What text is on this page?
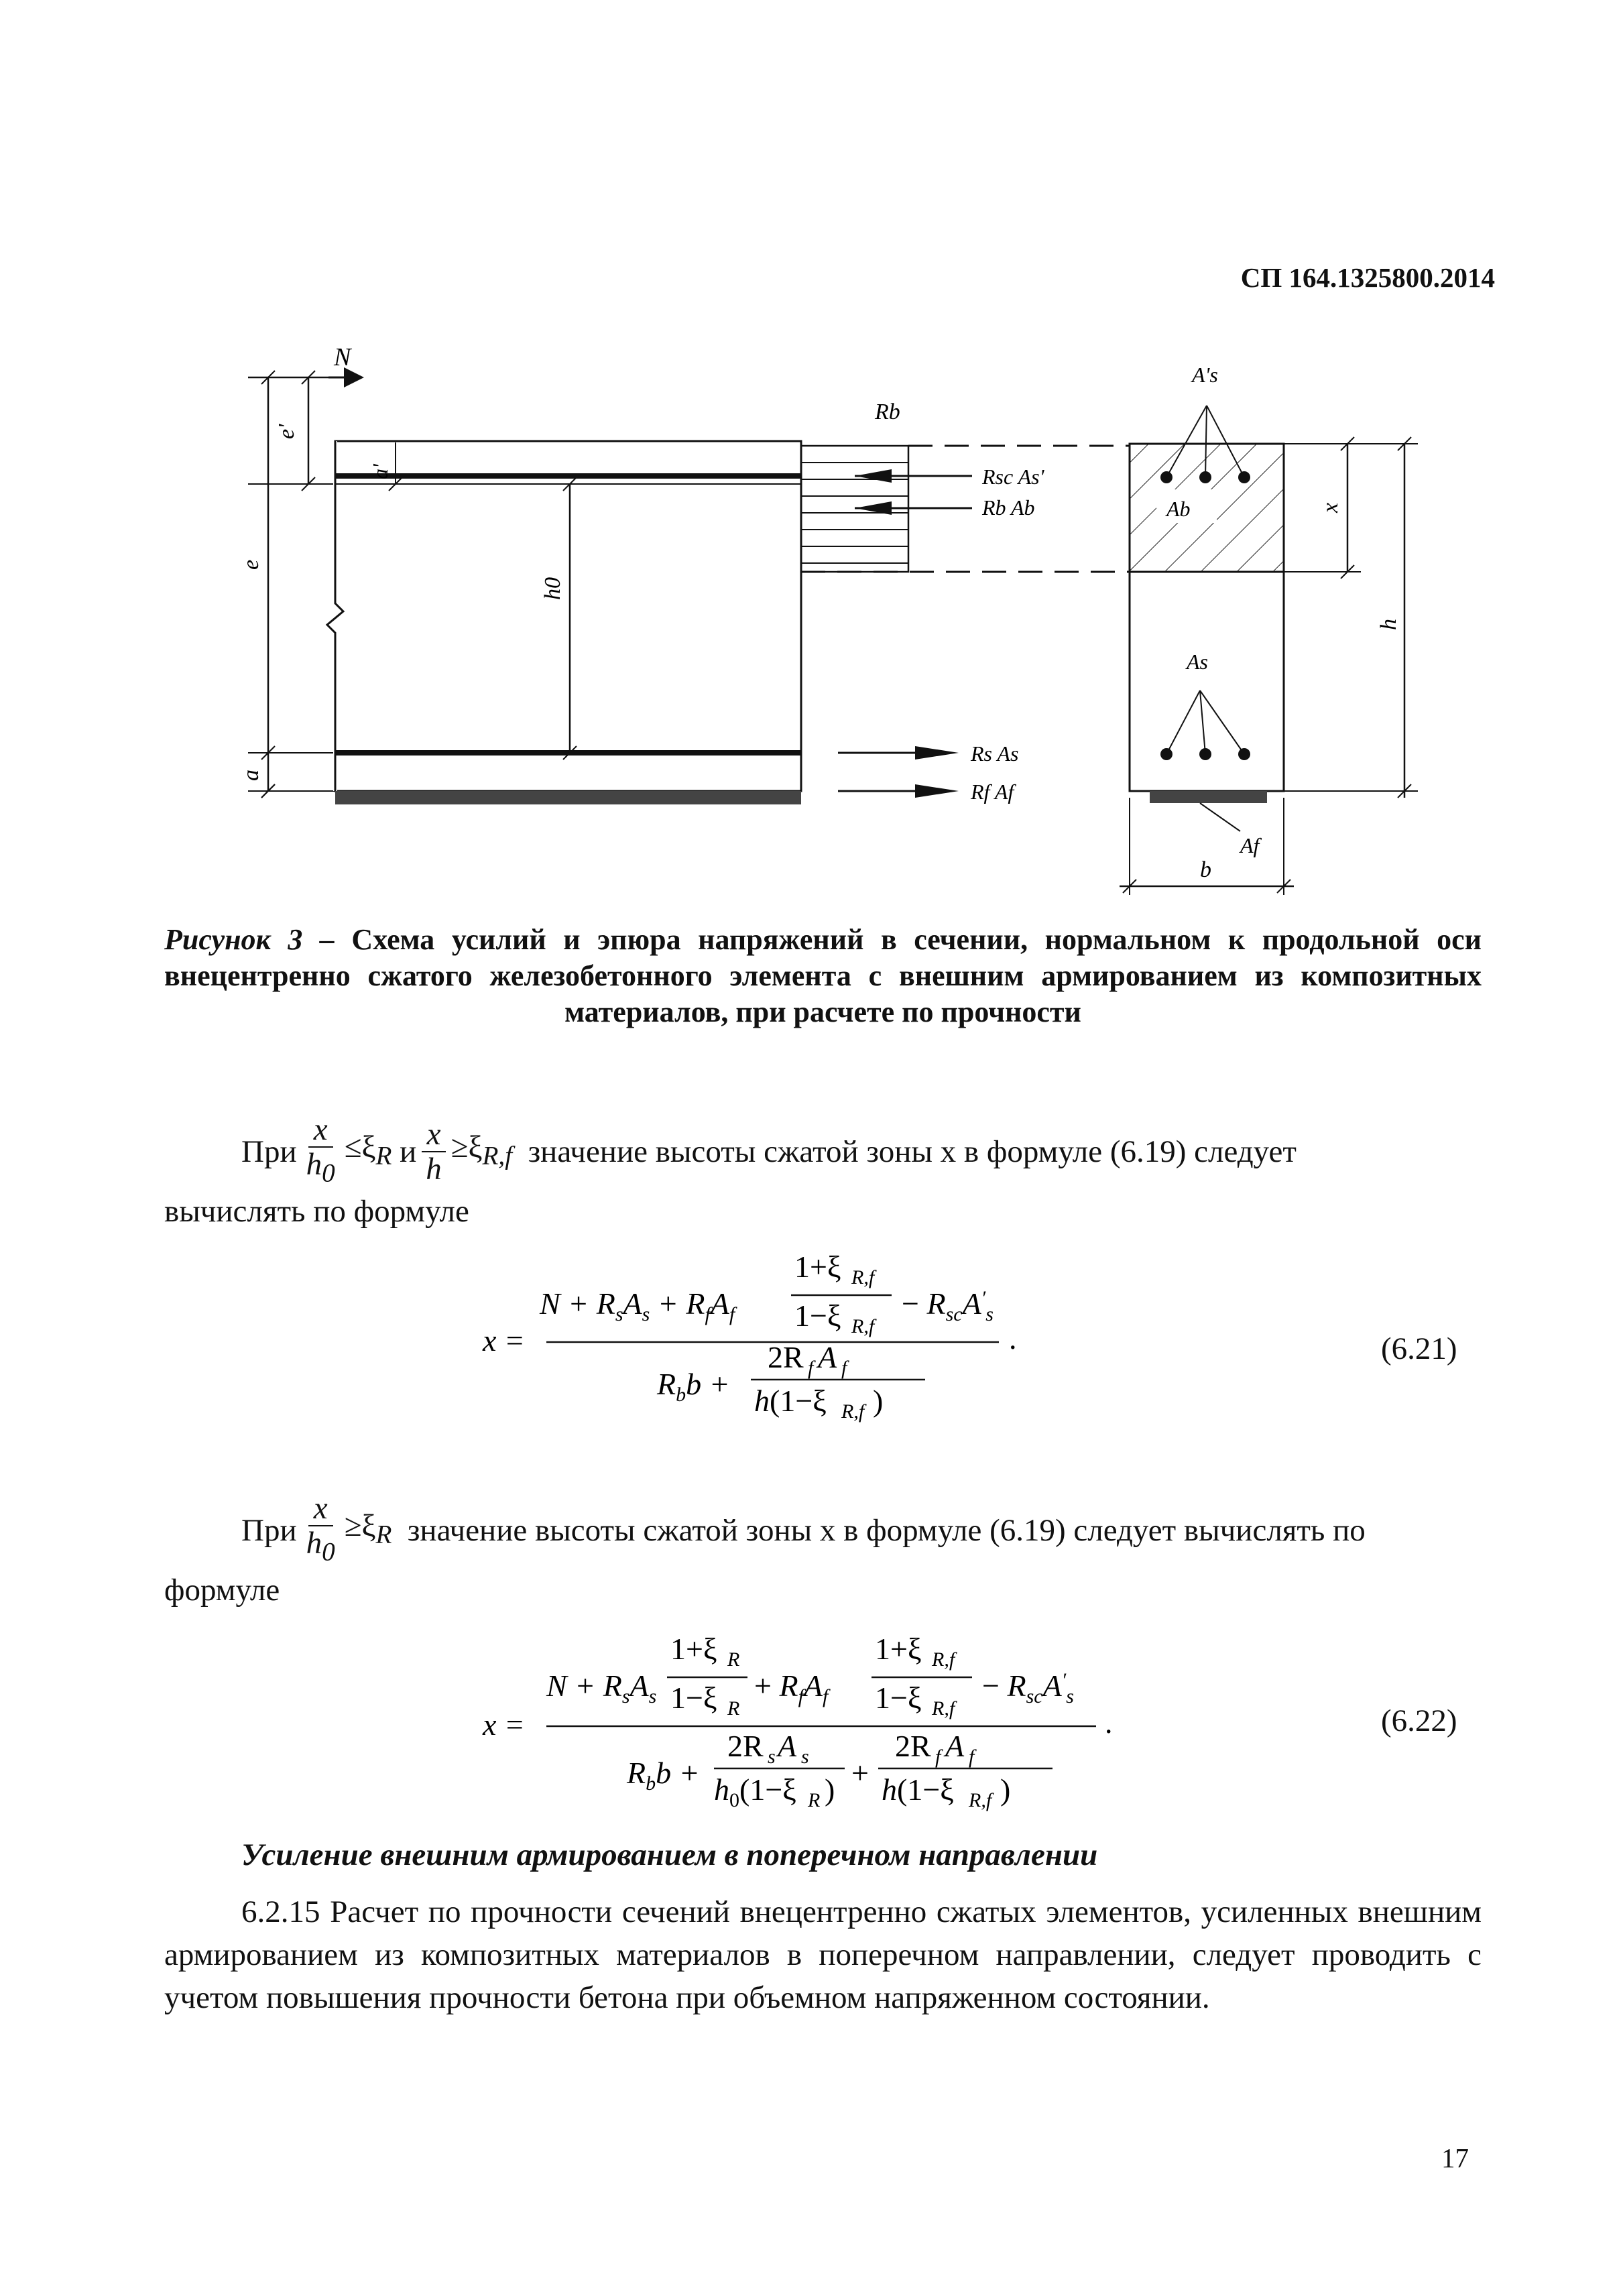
СП 164.1325800.2014
N
e'
e
a
a'
h0
Rb
Rsc As'
Rb Ab
Rs As
Rf Af
Ab
A's
As
Af
b
x
h
Рисунок 3 – Схема усилий и эпюра напряжений в сечении, нормальном к продольной оси внецентренно сжатого железобетонного элемента с внешним армированием из композитных материалов, при расчете по прочности
При $\frac{x}{h_0} \le\xi_R$ и $\frac{x}{h} \ge\xi_{R,f}$ значение высоты сжатой зоны x в формуле (6.19) следует
вычислять по формуле
x =	.
$N + R_sA_s + R_fA_f$
1+ξ R,f
1−ξ R,f
− $R_{sc}A'_s$
$R_bb$ +
2R f A f
h(1−ξ R,f )
(6.21)
При $\frac{x}{h_0} \ge\xi_R$ значение высоты сжатой зоны x в формуле (6.19) следует вычислять по
формуле
x =	.
$N + R_sA_s$
1+ξ R
1−ξ R
+ $R_fA_f$
1+ξ R,f
1−ξ R,f
− $R_{sc}A'_s$
$R_bb$ +
2R s A s
$h_0(1-\xi$ R ) +
2R f A f
h(1−ξ R,f )
(6.22)
Усиление внешним армированием в поперечном направлении
6.2.15 Расчет по прочности сечений внецентренно сжатых элементов, усиленных внешним армированием из композитных материалов в поперечном направлении, следует проводить с учетом повышения прочности бетона при объемном напряженном состоянии.
17
